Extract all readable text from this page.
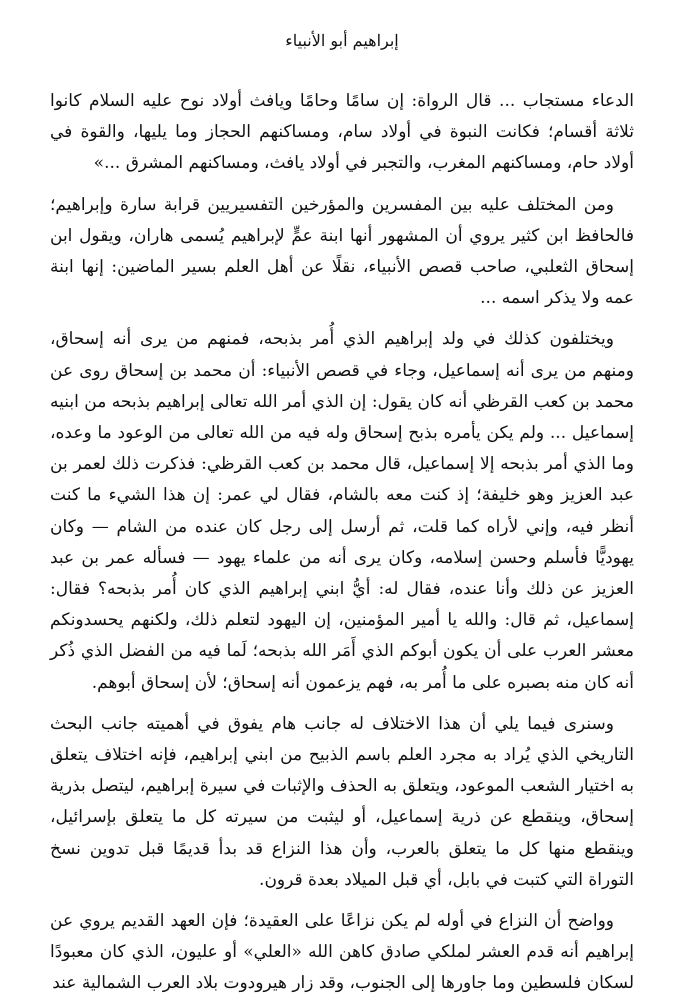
إبراهيم أبو الأنبياء

الدعاء مستجاب ... قال الرواة: إن سامًا وحامًا ويافث أولاد نوح عليه السلام كانوا ثلاثة أقسام؛ فكانت النبوة في أولاد سام، ومساكنهم الحجاز وما يليها، والقوة في أولاد حام، ومساكنهم المغرب، والتجبر في أولاد يافث، ومساكنهم المشرق ...»

ومن المختلف عليه بين المفسرين والمؤرخين التفسيريين قرابة سارة وإبراهيم؛ فالحافظ ابن كثير يروي أن المشهور أنها ابنة عمٍّ لإبراهيم يُسمى هاران، ويقول ابن إسحاق الثعلبي، صاحب قصص الأنبياء، نقلًا عن أهل العلم بسير الماضين: إنها ابنة عمه ولا يذكر اسمه ...

ويختلفون كذلك في ولد إبراهيم الذي أُمر بذبحه، فمنهم من يرى أنه إسحاق، ومنهم من يرى أنه إسماعيل، وجاء في قصص الأنبياء: أن محمد بن إسحاق روى عن محمد بن كعب القرظي أنه كان يقول: إن الذي أمر الله تعالى إبراهيم بذبحه من ابنيه إسماعيل ... ولم يكن يأمره بذبح إسحاق وله فيه من الله تعالى من الوعود ما وعده، وما الذي أمر بذبحه إلا إسماعيل، قال محمد بن كعب القرظي: فذكرت ذلك لعمر بن عبد العزيز وهو خليفة؛ إذ كنت معه بالشام، فقال لي عمر: إن هذا الشيء ما كنت أنظر فيه، وإني لأراه كما قلت، ثم أرسل إلى رجل كان عنده من الشام — وكان يهوديًّا فأسلم وحسن إسلامه، وكان يرى أنه من علماء يهود — فسأله عمر بن عبد العزيز عن ذلك وأنا عنده، فقال له: أيُّ ابني إبراهيم الذي كان أُمر بذبحه؟ فقال: إسماعيل، ثم قال: والله يا أمير المؤمنين، إن اليهود لتعلم ذلك، ولكنهم يحسدونكم معشر العرب على أن يكون أبوكم الذي أَمَر الله بذبحه؛ لَما فيه من الفضل الذي ذُكر أنه كان منه بصبره على ما أُمر به، فهم يزعمون أنه إسحاق؛ لأن إسحاق أبوهم.

وسنرى فيما يلي أن هذا الاختلاف له جانب هام يفوق في أهميته جانب البحث التاريخي الذي يُراد به مجرد العلم باسم الذبيح من ابني إبراهيم، فإنه اختلاف يتعلق به اختيار الشعب الموعود، ويتعلق به الحذف والإثبات في سيرة إبراهيم، ليتصل بذرية إسحاق، وينقطع عن ذرية إسماعيل، أو ليثبت من سيرته كل ما يتعلق بإسرائيل، وينقطع منها كل ما يتعلق بالعرب، وأن هذا النزاع قد بدأ قديمًا قبل تدوين نسخ التوراة التي كتبت في بابل، أي قبل الميلاد بعدة قرون.

وواضح أن النزاع في أوله لم يكن نزاعًا على العقيدة؛ فإن العهد القديم يروي عن إبراهيم أنه قدم العشر لملكي صادق كاهن الله «العلي» أو عليون، الذي كان معبودًا لسكان فلسطين وما جاورها إلى الجنوب، وقد زار هيرودوت بلاد العرب الشمالية عند
